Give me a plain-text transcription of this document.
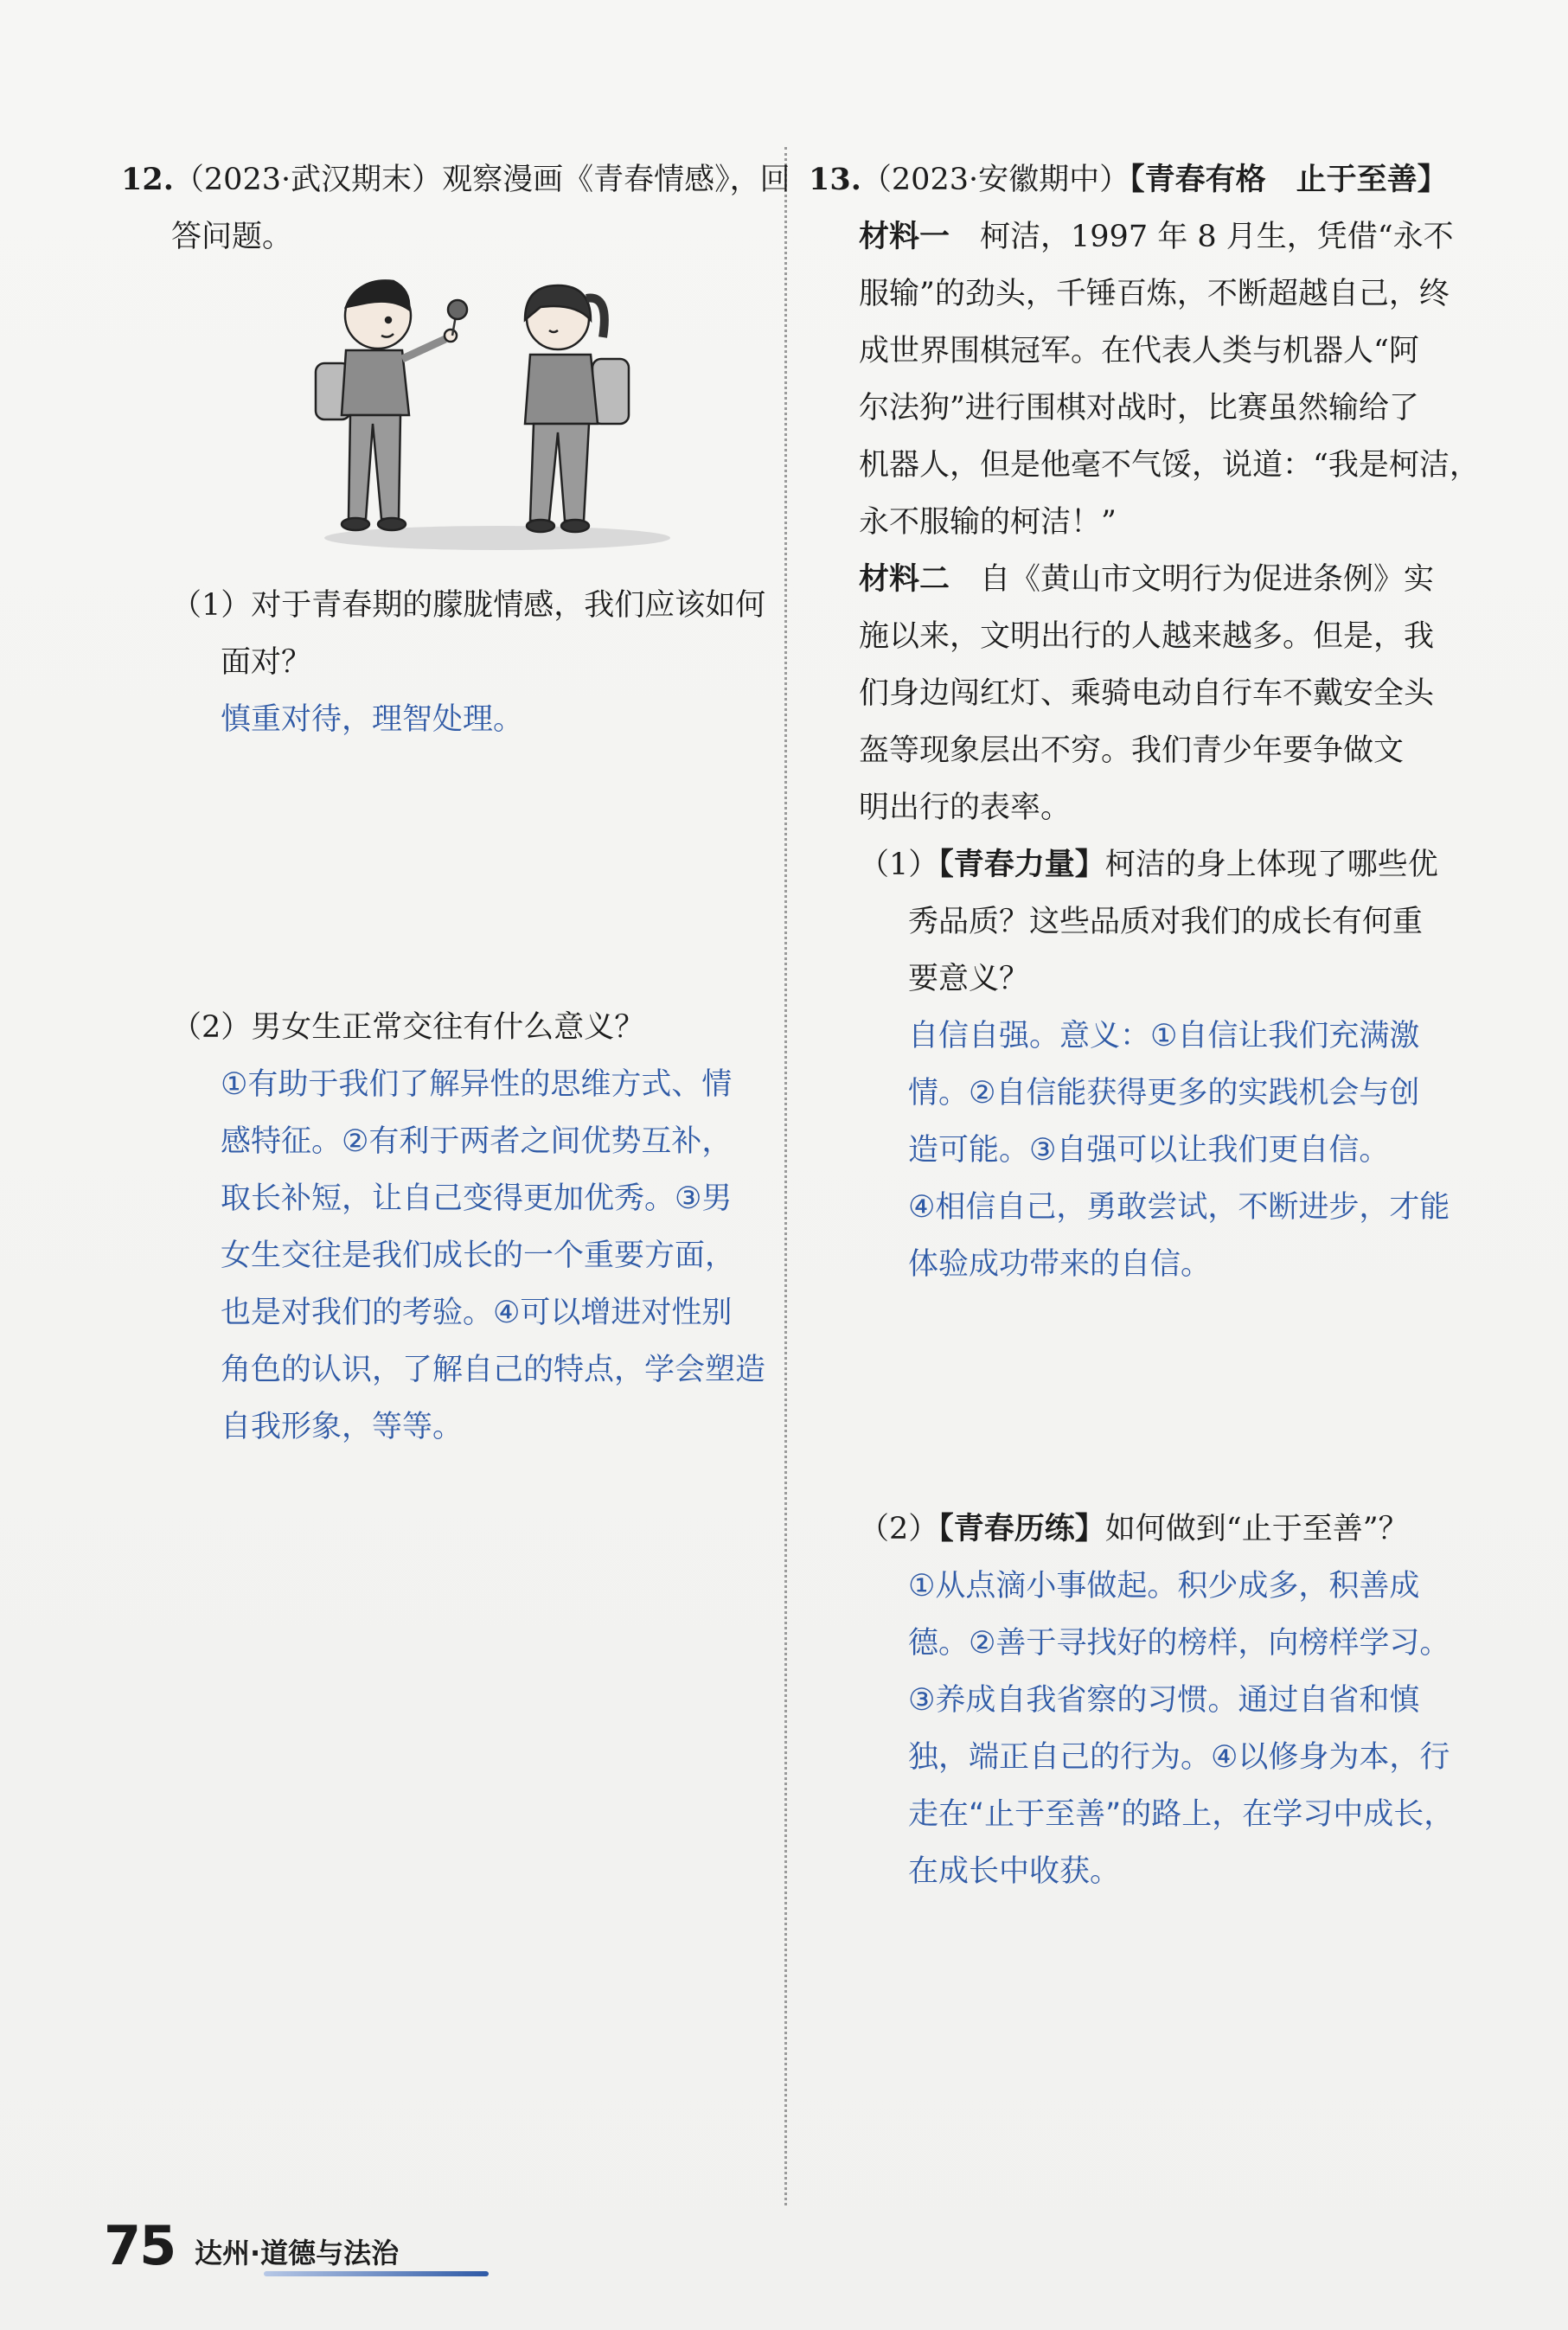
12.（2023·武汉期末）观察漫画《青春情感》，回
答问题。
（1）对于青春期的朦胧情感，我们应该如何
面对？
慎重对待，理智处理。
（2）男女生正常交往有什么意义？
①有助于我们了解异性的思维方式、情
感特征。②有利于两者之间优势互补，
取长补短，让自己变得更加优秀。③男
女生交往是我们成长的一个重要方面，
也是对我们的考验。④可以增进对性别
角色的认识，了解自己的特点，学会塑造
自我形象，等等。
13.（2023·安徽期中）【青春有格　止于至善】
材料一　柯洁，1997 年 8 月生，凭借“永不
服输”的劲头，千锤百炼，不断超越自己，终
成世界围棋冠军。在代表人类与机器人“阿
尔法狗”进行围棋对战时，比赛虽然输给了
机器人，但是他毫不气馁，说道：“我是柯洁，
永不服输的柯洁！”
材料二　自《黄山市文明行为促进条例》实
施以来，文明出行的人越来越多。但是，我
们身边闯红灯、乘骑电动自行车不戴安全头
盔等现象层出不穷。我们青少年要争做文
明出行的表率。
（1）【青春力量】柯洁的身上体现了哪些优
秀品质？这些品质对我们的成长有何重
要意义？
自信自强。意义：①自信让我们充满激
情。②自信能获得更多的实践机会与创
造可能。③自强可以让我们更自信。
④相信自己，勇敢尝试，不断进步，才能
体验成功带来的自信。
（2）【青春历练】如何做到“止于至善”？
①从点滴小事做起。积少成多，积善成
德。②善于寻找好的榜样，向榜样学习。
③养成自我省察的习惯。通过自省和慎
独，端正自己的行为。④以修身为本，行
走在“止于至善”的路上，在学习中成长，
在成长中收获。
75 达州·道德与法治
